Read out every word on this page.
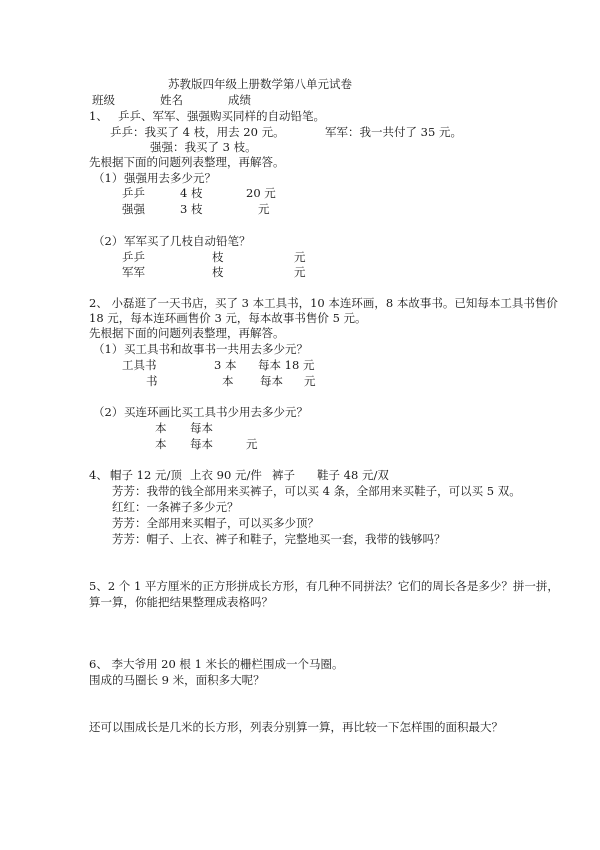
苏教版四年级上册数学第八单元试卷
班级	姓名	成绩
1、 乒乒、军军、强强购买同样的自动铅笔。
乒乒：我买了 4 枝，用去 20 元。	军军：我一共付了 35 元。
强强：我买了 3 枝。
先根据下面的问题列表整理，再解答。
（1） 强强用去多少元？
乒乒	4 枝	20 元
强强	3 枝	元
（2） 军军买了几枝自动铅笔？
乒乒	枝	元
军军	枝	元
2、 小磊逛了一天书店，买了 3 本工具书，10 本连环画，8 本故事书。已知每本工具书售价
18 元，每本连环画售价 3 元，每本故事书售价 5 元。
先根据下面的问题列表整理，再解答。
（1） 买工具书和故事书一共用去多少元？
工具书	3 本 每本 18 元
书	本 每本 元
（2） 买连环画比买工具书少用去多少元？
本 每本
本 每本	元
4、 帽子 12 元/顶 上衣 90 元/件 裤子 鞋子 48 元/双
芳芳：我带的钱全部用来买裤子，可以买 4 条，全部用来买鞋子，可以买 5 双。
红红：一条裤子多少元？
芳芳：全部用来买帽子，可以买多少顶？
芳芳：帽子、上衣、裤子和鞋子，完整地买一套，我带的钱够吗？
5、2 个 1 平方厘米的正方形拼成长方形，有几种不同拼法？它们的周长各是多少？拼一拼，
算一算，你能把结果整理成表格吗？
6、 李大爷用 20 根 1 米长的栅栏围成一个马圈。
围成的马圈长 9 米，面积多大呢？
还可以围成长是几米的长方形，列表分别算一算，再比较一下怎样围的面积最大？
